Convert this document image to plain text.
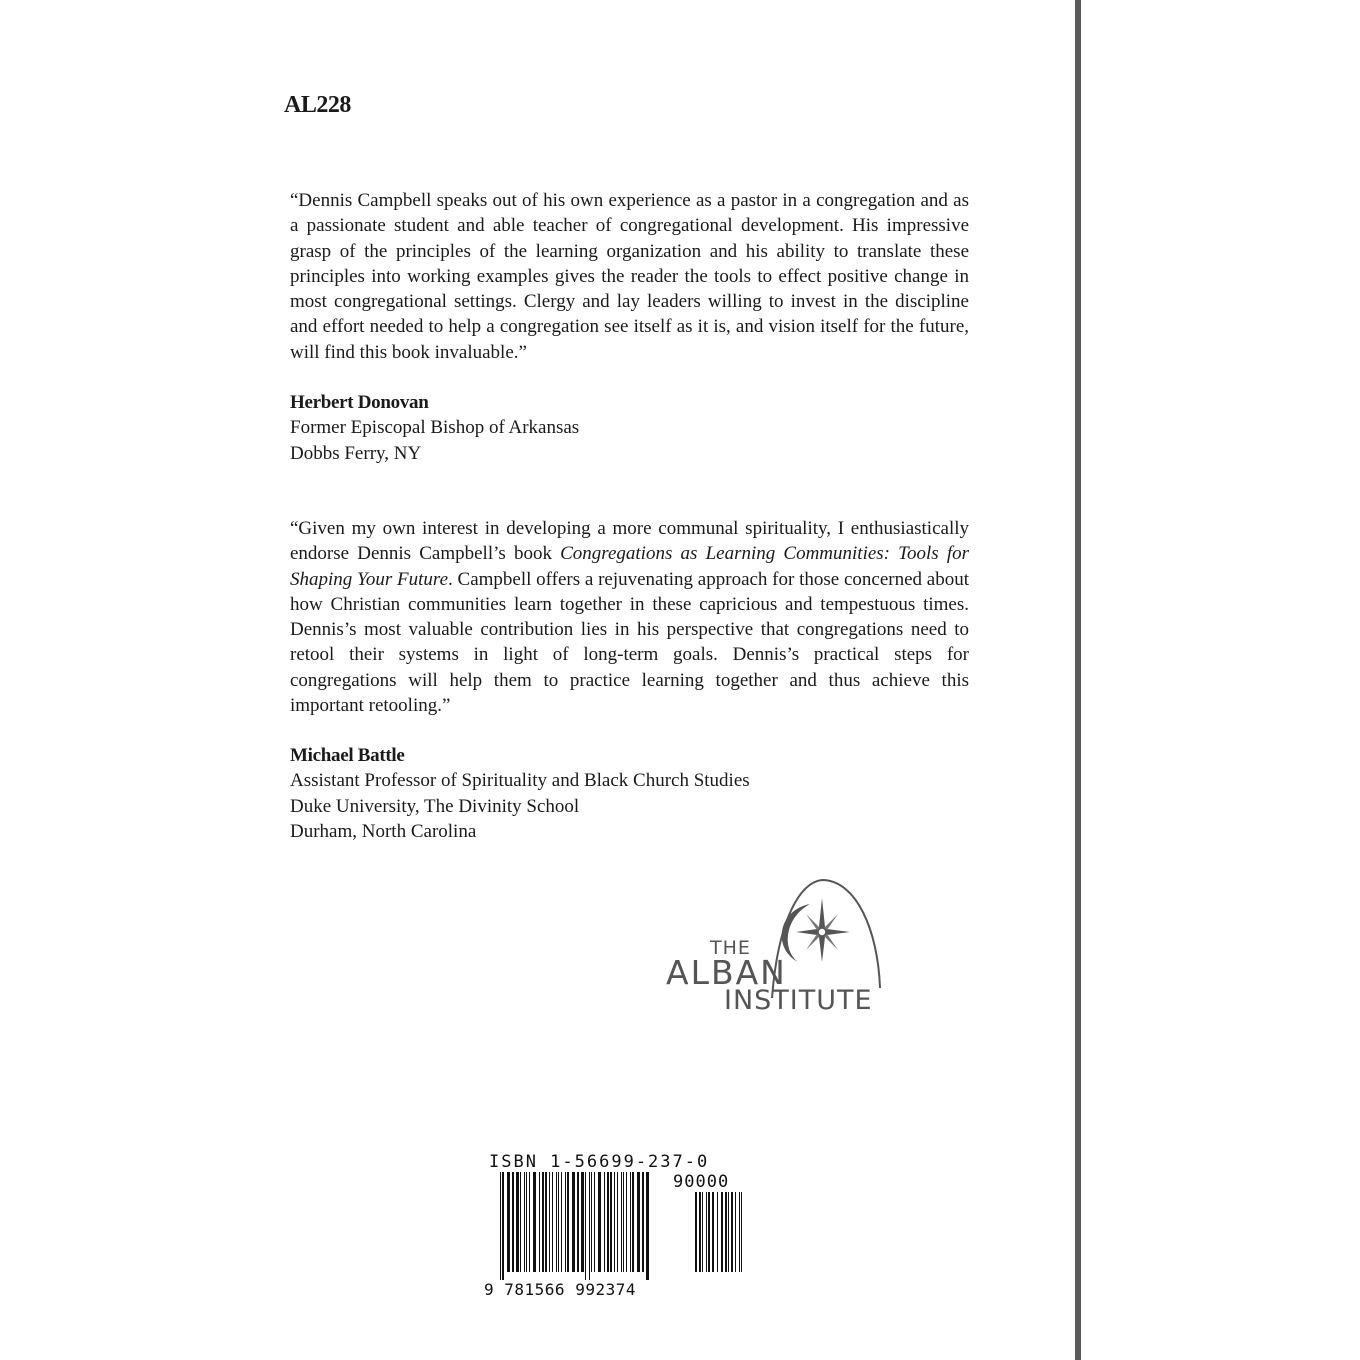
AL228
“Dennis Campbell speaks out of his own experience as a pastor in a congregation and as a passionate student and able teacher of congregational development. His impressive grasp of the principles of the learning organization and his ability to translate these principles into working examples gives the reader the tools to effect positive change in most congregational settings. Clergy and lay leaders willing to invest in the discipline and effort needed to help a congregation see itself as it is, and vision itself for the future, will find this book invaluable.”
Herbert Donovan
Former Episcopal Bishop of Arkansas
Dobbs Ferry, NY
“Given my own interest in developing a more communal spirituality, I enthusiastically endorse Dennis Campbell’s book Congregations as Learning Communities: Tools for Shaping Your Future. Campbell offers a rejuvenating approach for those concerned about how Christian communities learn together in these capricious and tempestuous times. Dennis’s most valuable contribution lies in his perspective that congregations need to retool their systems in light of long-term goals. Dennis’s practical steps for congregations will help them to practice learning together and thus achieve this important retooling.”
Michael Battle
Assistant Professor of Spirituality and Black Church Studies
Duke University, The Divinity School
Durham, North Carolina
THE
ALBAN
INSTITUTE
ISBN 1-56699-237-0
90000
9 781566 992374
